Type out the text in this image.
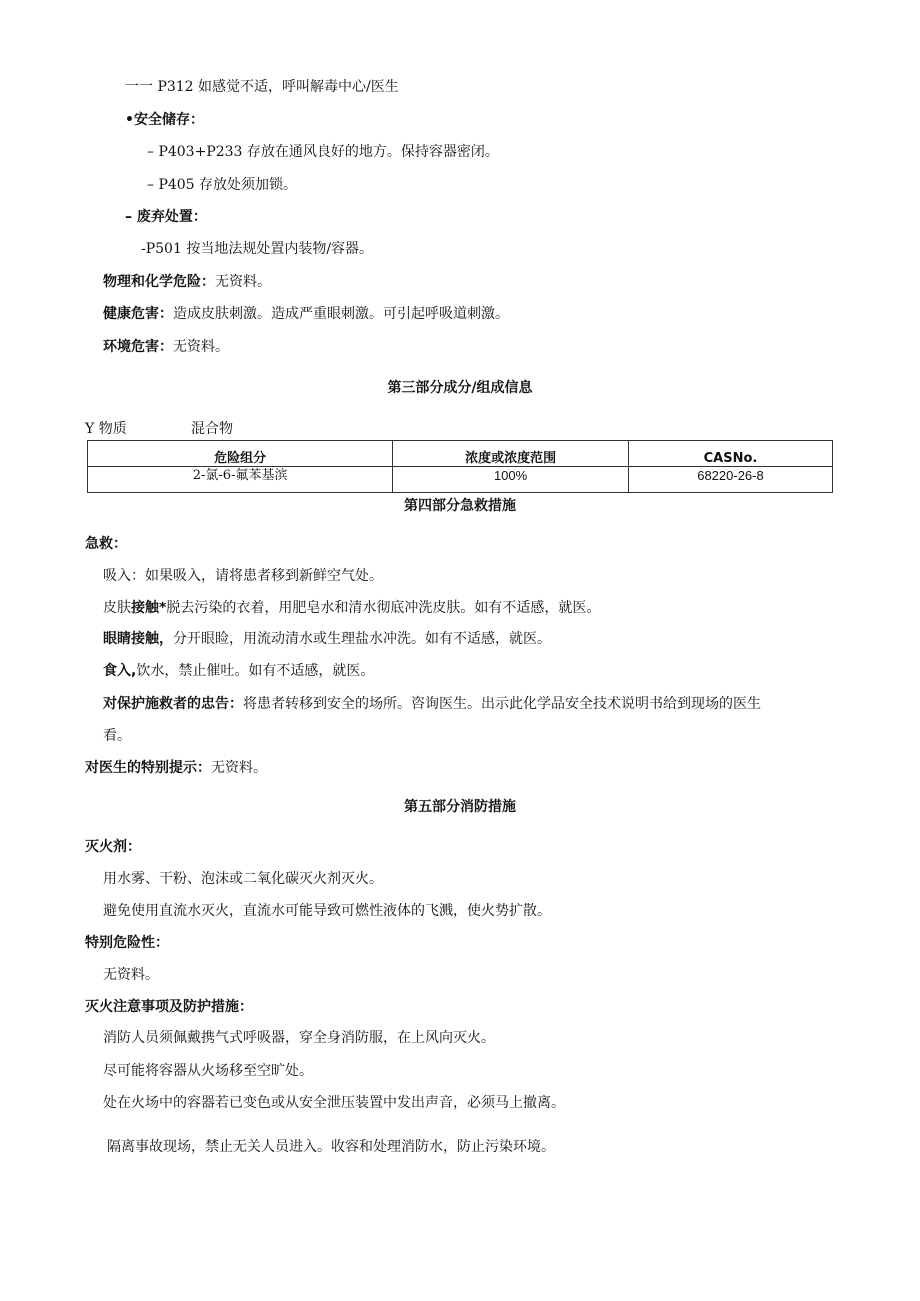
一一 P312 如感觉不适，呼叫解毒中心/医生
•安全储存：
– P403+P233 存放在通风良好的地方。保持容器密闭。
– P405 存放处须加锁。
– 废弃处置：
-P501 按当地法规处置内装物/容器。
物理和化学危险：无资料。
健康危害：造成皮肤刺激。造成严重眼刺激。可引起呼吸道刺激。
环境危害：无资料。
第三部分成分/组成信息
Y 物质	混合物
危险组分	浓度或浓度范围	CASNo.
2-氯-6-氟苯基滨	100%	68220-26-8
第四部分急救措施
急救：
吸入：如果吸入，请将患者移到新鲜空气处。
皮肤接触*脱去污染的衣着，用肥皂水和清水彻底冲洗皮肤。如有不适感，就医。
眼睛接触，分开眼睑，用流动清水或生理盐水冲洗。如有不适感，就医。
食入,饮水，禁止催吐。如有不适感，就医。
对保护施救者的忠告：将患者转移到安全的场所。咨询医生。出示此化学品安全技术说明书给到现场的医生
看。
对医生的特别提示：无资料。
第五部分消防措施
灭火剂：
用水雾、干粉、泡沫或二氧化碳灭火剂灭火。
避免使用直流水灭火，直流水可能导致可燃性液体的飞溅，使火势扩散。
特别危险性：
无资料。
灭火注意事项及防护措施：
消防人员须佩戴携气式呼吸器，穿全身消防服，在上风向灭火。
尽可能将容器从火场移至空旷处。
处在火场中的容器若已变色或从安全泄压装置中发出声音，必须马上撤离。
隔离事故现场，禁止无关人员进入。收容和处理消防水，防止污染环境。
